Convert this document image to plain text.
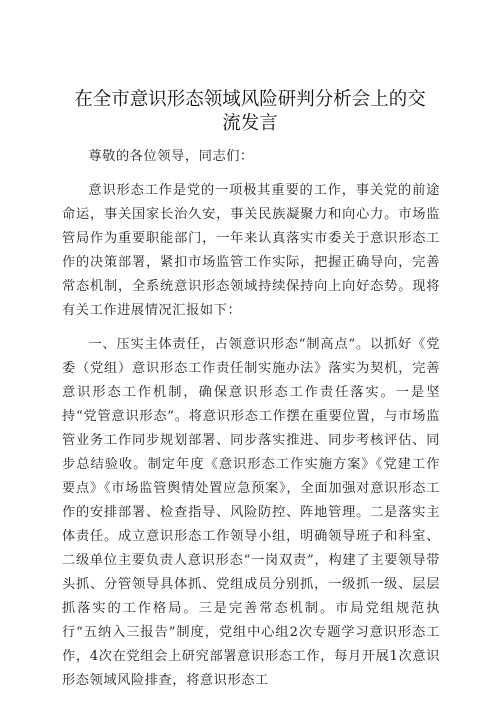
在全市意识形态领域风险研判分析会上的交流发言

尊敬的各位领导，同志们：

意识形态工作是党的一项极其重要的工作，事关党的前途命运，事关国家长治久安，事关民族凝聚力和向心力。市场监管局作为重要职能部门，一年来认真落实市委关于意识形态工作的决策部署，紧扣市场监管工作实际，把握正确导向，完善常态机制，全系统意识形态领域持续保持向上向好态势。现将有关工作进展情况汇报如下：

一、压实主体责任，占领意识形态“制高点”。以抓好《党委（党组）意识形态工作责任制实施办法》落实为契机，完善意识形态工作机制，确保意识形态工作责任落实。一是坚持“党管意识形态”。将意识形态工作摆在重要位置，与市场监管业务工作同步规划部署、同步落实推进、同步考核评估、同步总结验收。制定年度《意识形态工作实施方案》《党建工作要点》《市场监管舆情处置应急预案》，全面加强对意识形态工作的安排部署、检查指导、风险防控、阵地管理。二是落实主体责任。成立意识形态工作领导小组，明确领导班子和科室、二级单位主要负责人意识形态“一岗双责”，构建了主要领导带头抓、分管领导具体抓、党组成员分别抓，一级抓一级、层层抓落实的工作格局。三是完善常态机制。市局党组规范执行“五纳入三报告”制度，党组中心组2次专题学习意识形态工作，4次在党组会上研究部署意识形态工作，每月开展1次意识形态领域风险排查，将意识形态工
